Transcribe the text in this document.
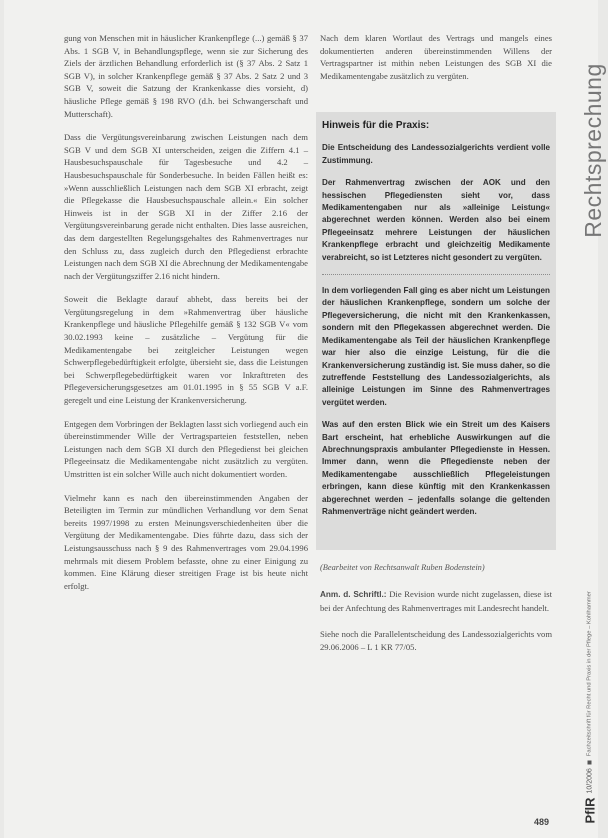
gung von Menschen mit in häuslicher Krankenpflege (...) gemäß § 37 Abs. 1 SGB V, in Behandlungspflege, wenn sie zur Sicherung des Ziels der ärztlichen Behandlung erforderlich ist (§ 37 Abs. 2 Satz 1 SGB V), in solcher Krankenpflege gemäß § 37 Abs. 2 Satz 2 und 3 SGB V, soweit die Satzung der Krankenkasse dies vorsieht, d) häusliche Pflege gemäß § 198 RVO (d.h. bei Schwangerschaft und Mutterschaft).

Dass die Vergütungsvereinbarung zwischen Leistungen nach dem SGB V und dem SGB XI unterscheiden, zeigen die Ziffern 4.1 – Hausbesuchspauschale für Tagesbesuche und 4.2 – Hausbesuchspauschale für Sonderbesuche. In beiden Fällen heißt es: »Wenn ausschließlich Leistungen nach dem SGB XI erbracht, zeigt die Pflegekasse die Hausbesuchspauschale allein.« Ein solcher Hinweis ist in der SGB XI in der Ziffer 2.16 der Vergütungsvereinbarung gerade nicht enthalten. Dies lasse ausreichen, das dem dargestellten Regelungsgehaltes des Rahmenvertrages nur den Schluss zu, dass zugleich durch den Pflegedienst erbrachte Leistungen nach dem SGB XI die Abrechnung der Medikamentengabe nach der Vergütungsziffer 2.16 nicht hindern.

Soweit die Beklagte darauf abhebt, dass bereits bei der Vergütungsregelung in dem »Rahmenvertrag über häusliche Krankenpflege und häusliche Pflegehilfe gemäß § 132 SGB V« vom 30.02.1993 keine – zusätzliche – Vergütung für die Medikamentengabe bei zeitgleicher Leistungen wegen Schwerpflegebedürftigkeit erfolgte, übersieht sie, dass die Leistungen bei Schwerpflegebedürftigkeit waren vor Inkrafttreten des Pflegeversicherungsgesetzes am 01.01.1995 in § 55 SGB V a.F. geregelt und eine Leistung der Krankenversicherung.

Entgegen dem Vorbringen der Beklagten lasst sich vorliegend auch ein übereinstimmender Wille der Vertragsparteien feststellen, neben Leistungen nach dem SGB XI durch den Pflegedienst bei gleichen Pflegeeinsatz die Medikamentengabe nicht zusätzlich zu vergüten. Umstritten ist ein solcher Wille auch nicht dokumentiert worden.

Vielmehr kann es nach den übereinstimmenden Angaben der Beteiligten im Termin zur mündlichen Verhandlung vor dem Senat bereits 1997/1998 zu ersten Meinungsverschiedenheiten über die Vergütung der Medikamentengabe. Dies führte dazu, dass sich der Leistungsausschuss nach § 9 des Rahmenvertrages vom 29.04.1996 mehrmals mit diesem Problem befasste, ohne zu einer Einigung zu kommen. Eine Klärung dieser streitigen Frage ist bis heute nicht erfolgt.

Nach dem klaren Wortlaut des Vertrags und mangels eines dokumentierten anderen übereinstimmenden Willens der Vertragspartner ist mithin neben Leistungen des SGB XI die Medikamentengabe zusätzlich zu vergüten.

Hinweis für die Praxis:

Die Entscheidung des Landessozialgerichts verdient volle Zustimmung.

Der Rahmenvertrag zwischen der AOK und den hessischen Pflegediensten sieht vor, dass Medikamentengaben nur als »alleinige Leistung« abgerechnet werden können. Werden also bei einem Pflegeeinsatz mehrere Leistungen der häuslichen Krankenpflege erbracht und gleichzeitig Medikamente verabreicht, so ist Letzteres nicht gesondert zu vergüten.

In dem vorliegenden Fall ging es aber nicht um Leistungen der häuslichen Krankenpflege, sondern um solche der Pflegeversicherung, die nicht mit den Krankenkassen, sondern mit den Pflegekassen abgerechnet werden. Die Medikamentengabe als Teil der häuslichen Krankenpflege war hier also die einzige Leistung, für die die Krankenversicherung zuständig ist. Sie muss daher, so die zutreffende Feststellung des Landessozialgerichts, als alleinige Leistungen im Sinne des Rahmenvertrages vergütet werden.

Was auf den ersten Blick wie ein Streit um des Kaisers Bart erscheint, hat erhebliche Auswirkungen auf die Abrechnungspraxis ambulanter Pflegedienste in Hessen. Immer dann, wenn die Pflegedienste neben der Medikamentengabe ausschließlich Pflegeleistungen erbringen, kann diese künftig mit den Krankenkassen abgerechnet werden – jedenfalls solange die geltenden Rahmenverträge nicht geändert werden.

(Bearbeitet von Rechtsanwalt Ruben Bodenstein)
Anm. d. Schriftl.: Die Revision wurde nicht zugelassen, diese ist bei der Anfechtung des Rahmenvertrages mit Landesrecht handelt.
Siehe noch die Parallelentscheidung des Landessozialgerichts vom 29.06.2006 – L 1 KR 77/05.
Rechtsprechung
PflR
10/2006
Fachzeitschrift für Recht und Praxis in der Pflege – Kohlhammer
489
